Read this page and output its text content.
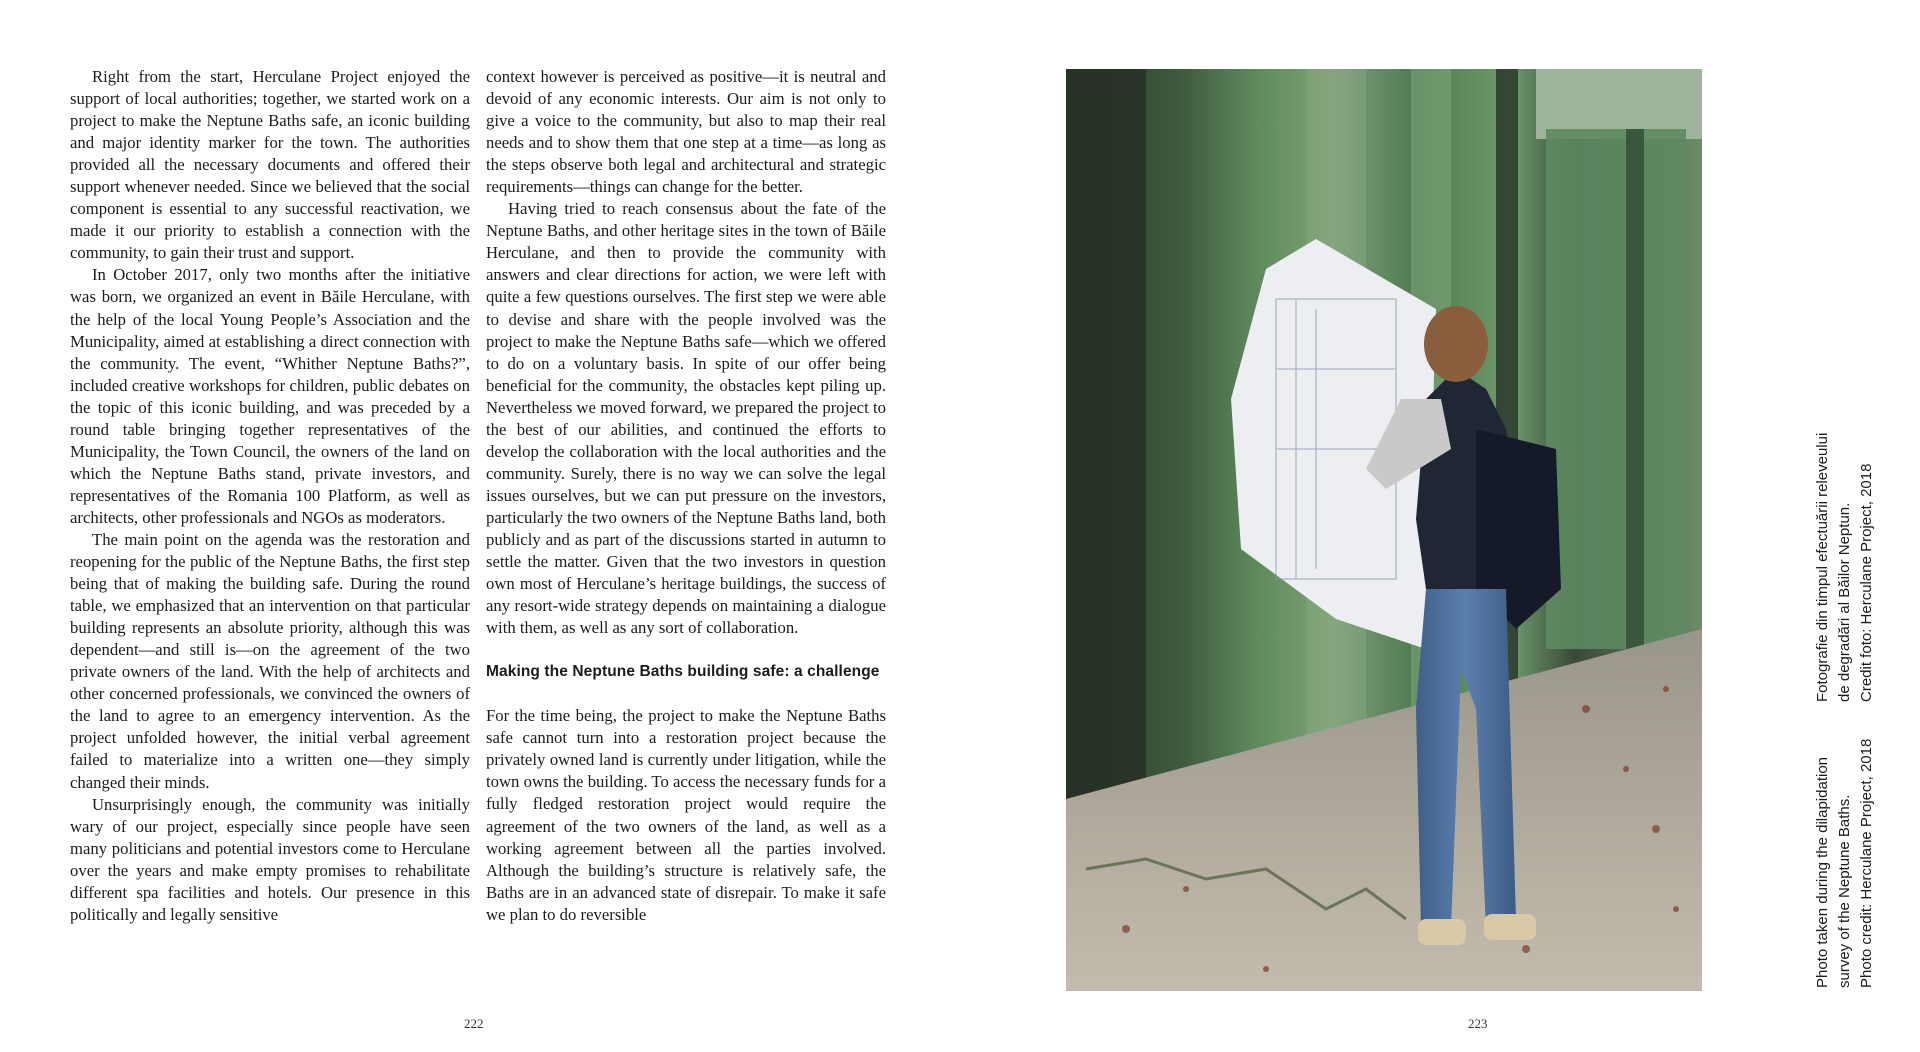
Right from the start, Herculane Project enjoyed the support of local authorities; together, we started work on a project to make the Neptune Baths safe, an iconic building and major identity marker for the town. The authorities provided all the necessary documents and offered their support whenever needed. Since we believed that the social component is essential to any successful reactivation, we made it our priority to establish a connection with the community, to gain their trust and support.

In October 2017, only two months after the initiative was born, we organized an event in Băile Herculane, with the help of the local Young People’s Association and the Municipality, aimed at establishing a direct connection with the community. The event, “Whither Neptune Baths?”, included creative workshops for children, public debates on the topic of this iconic building, and was preceded by a round table bringing together representatives of the Municipality, the Town Council, the owners of the land on which the Neptune Baths stand, private investors, and representatives of the Romania 100 Platform, as well as architects, other professionals and NGOs as moderators.

The main point on the agenda was the restoration and reopening for the public of the Neptune Baths, the first step being that of making the building safe. During the round table, we emphasized that an intervention on that particular building represents an absolute priority, although this was dependent—and still is—on the agreement of the two private owners of the land. With the help of architects and other concerned professionals, we convinced the owners of the land to agree to an emergency intervention. As the project unfolded however, the initial verbal agreement failed to materialize into a written one—they simply changed their minds.

Unsurprisingly enough, the community was initially wary of our project, especially since people have seen many politicians and potential investors come to Herculane over the years and make empty promises to rehabilitate different spa facilities and hotels. Our presence in this politically and legally sensitive

context however is perceived as positive—it is neutral and devoid of any economic interests. Our aim is not only to give a voice to the community, but also to map their real needs and to show them that one step at a time—as long as the steps observe both legal and architectural and strategic requirements—things can change for the better.

Having tried to reach consensus about the fate of the Neptune Baths, and other heritage sites in the town of Băile Herculane, and then to provide the community with answers and clear directions for action, we were left with quite a few questions ourselves. The first step we were able to devise and share with the people involved was the project to make the Neptune Baths safe—which we offered to do on a voluntary basis. In spite of our offer being beneficial for the community, the obstacles kept piling up. Nevertheless we moved forward, we prepared the project to the best of our abilities, and continued the efforts to develop the collaboration with the local authorities and the community. Surely, there is no way we can solve the legal issues ourselves, but we can put pressure on the investors, particularly the two owners of the Neptune Baths land, both publicly and as part of the discussions started in autumn to settle the matter. Given that the two investors in question own most of Herculane’s heritage buildings, the success of any resort-wide strategy depends on maintaining a dialogue with them, as well as any sort of collaboration.

Making the Neptune Baths building safe: a challenge

For the time being, the project to make the Neptune Baths safe cannot turn into a restoration project because the privately owned land is currently under litigation, while the town owns the building. To access the necessary funds for a fully fledged restoration project would require the agreement of the two owners of the land, as well as a working agreement between all the parties involved. Although the building’s structure is relatively safe, the Baths are in an advanced state of disrepair. To make it safe we plan to do reversible

222	223
Photo taken during the dilapidation survey of the Neptune Baths. Photo credit: Herculane Project, 2018
Fotografie din timpul efectuării releveului de degradări al Băilor Neptun. Credit foto: Herculane Project, 2018
